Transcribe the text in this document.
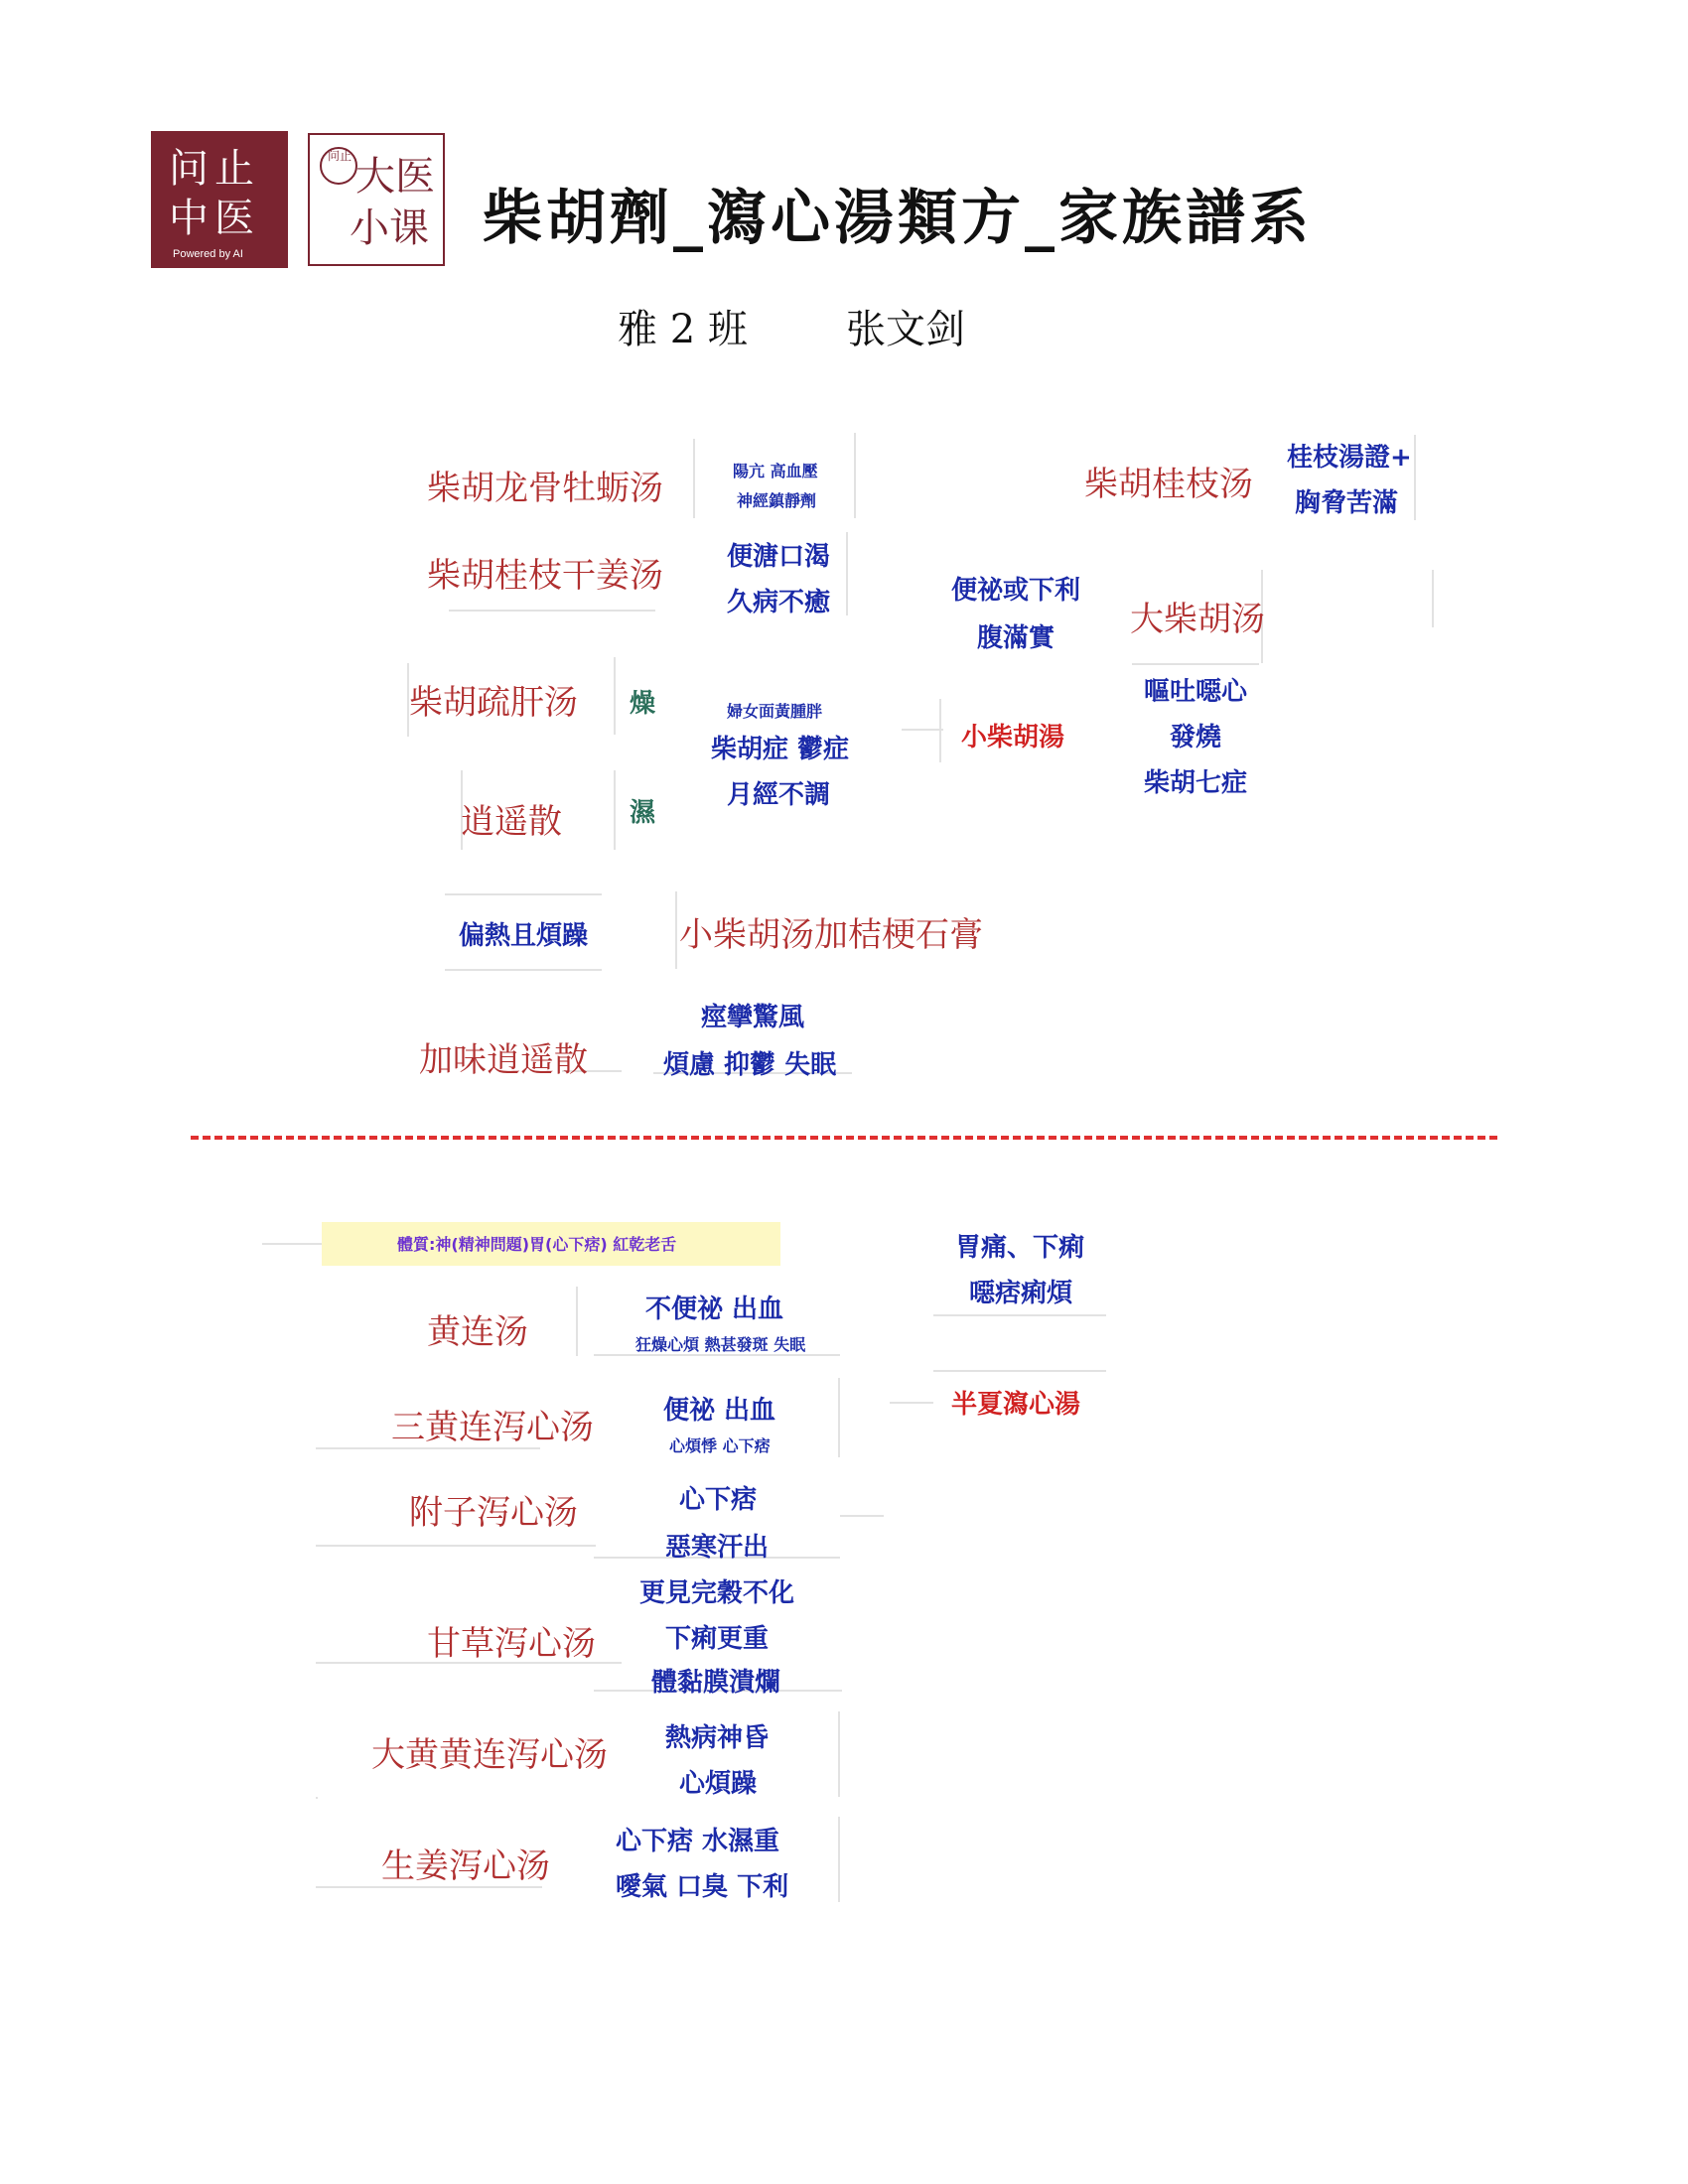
问止
中医
Powered by AI
问止 大医
小课 柴胡劑_瀉心湯類方_家族譜系
雅 2 班 张文剑
柴胡龙骨牡蛎汤	陽亢 高血壓
神經鎮靜劑
柴胡桂枝干姜汤 便溏口渴
久病不癒
柴胡疏肝汤 燥
逍遥散	濕
婦女面黃腫胖
柴胡症 鬱症
月經不調
小柴胡湯
便祕或下利
腹滿實 大柴胡汤
嘔吐噁心
發燒
柴胡七症
柴胡桂枝汤
桂枝湯證+
胸脅苦滿
偏熱且煩躁	小柴胡汤加桔梗石膏
加味逍遥散
痙攣驚風
煩慮 抑鬱 失眠
體質:神(精神問題)胃(心下痞) 紅乾老舌
黄连汤
不便祕 出血
狂燥心煩 熱甚發斑 失眠
三黄连泻心汤	便祕 出血
心煩悸 心下痞
附子泻心汤	心下痞
惡寒汗出
甘草泻心汤
更見完穀不化
下痢更重
體黏膜潰爛
大黄黄连泻心汤 熱病神昏
心煩躁
生姜泻心汤
心下痞 水濕重
噯氣 口臭 下利
胃痛、下痢
噁痞痢煩
半夏瀉心湯
